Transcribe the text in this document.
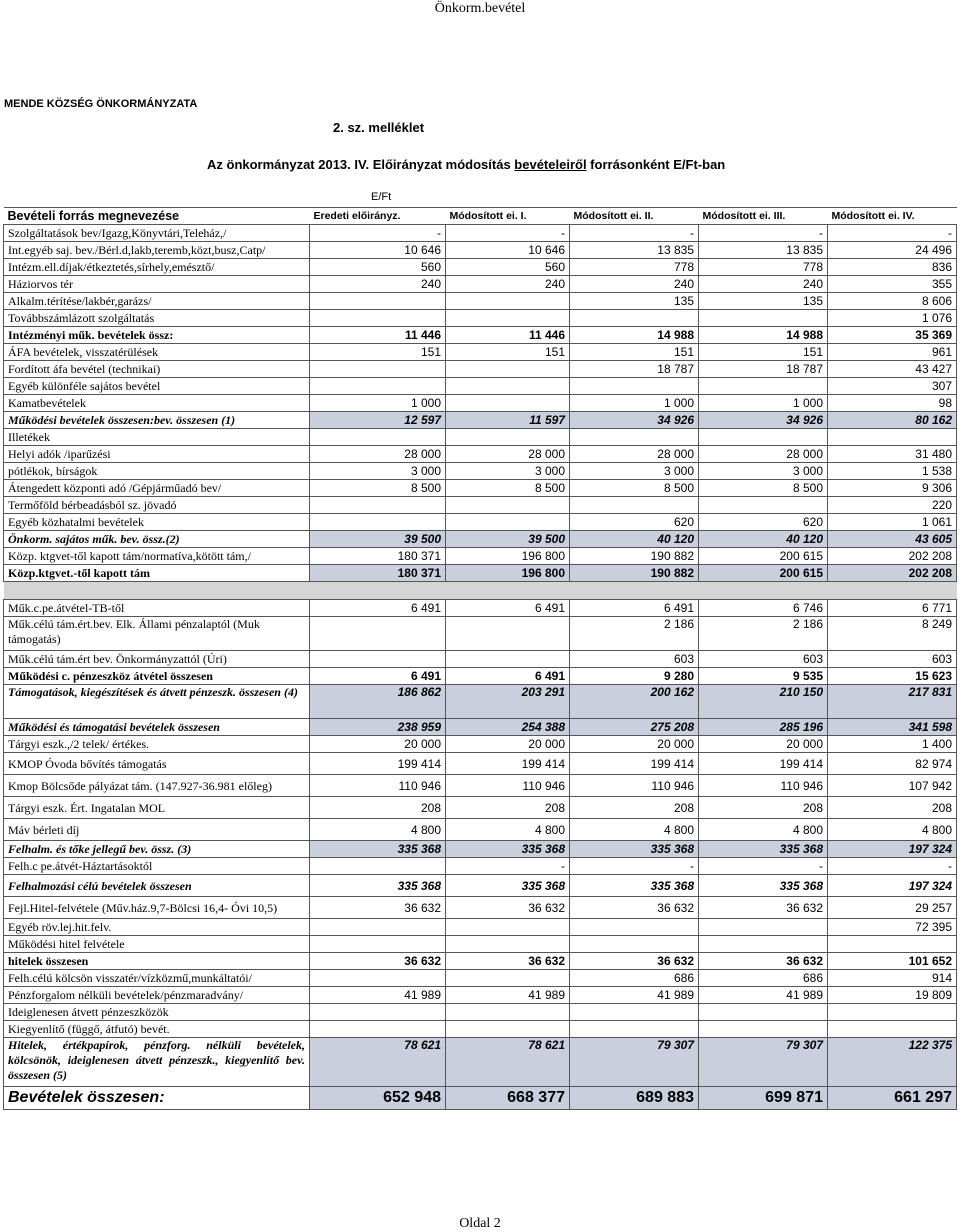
Önkorm.bevétel
MENDE KÖZSÉG ÖNKORMÁNYZATA
2. sz. melléklet
Az önkormányzat 2013. IV. Előirányzat módosítás bevételeiről forrásonként E/Ft-ban
E/Ft
Bevételi forrás megnevezése	Eredeti előirányz.	Módosított ei. I.	Módosított ei. II.	Módosított ei. III.	Módosított ei. IV.
Szolgáltatások bev/Igazg,Könyvtári,Teleház,/	-	-	-	-	-
Int.egyéb saj. bev./Bérl.d,lakb,teremb,közt,busz,Catp/	10 646	10 646	13 835	13 835	24 496
Intézm.ell.díjak/étkeztetés,sírhely,emésztő/	560	560	778	778	836
Háziorvos tér	240	240	240	240	355
Alkalm.térítése/lakbér,garázs/			135	135	8 606
Továbbszámlázott szolgáltatás					1 076
Intézményi műk. bevételek össz:	11 446	11 446	14 988	14 988	35 369
ÁFA bevételek, visszatérülések	151	151	151	151	961
Fordított áfa bevétel (technikai)			18 787	18 787	43 427
Egyéb különféle sajátos bevétel					307
Kamatbevételek	1 000		1 000	1 000	98
Működési bevételek összesen:bev. összesen (1)	12 597	11 597	34 926	34 926	80 162
Illetékek					
Helyi adók /iparűzési	28 000	28 000	28 000	28 000	31 480
pótlékok, bírságok	3 000	3 000	3 000	3 000	1 538
Átengedett központi adó /Gépjárműadó bev/	8 500	8 500	8 500	8 500	9 306
Termőföld bérbeadásból sz. jövadó					220
Egyéb közhatalmi bevételek			620	620	1 061
Önkorm. sajátos műk. bev. össz.(2)	39 500	39 500	40 120	40 120	43 605
Közp. ktgvet-től kapott tám/normatíva,kötött tám,/	180 371	196 800	190 882	200 615	202 208
Közp.ktgvet.-től kapott tám	180 371	196 800	190 882	200 615	202 208

Műk.c.pe.átvétel-TB-től	6 491	6 491	6 491	6 746	6 771
Műk.célú tám.ért.bev. Elk. Állami pénzalaptól (Muk támogatás)			2 186	2 186	8 249
Műk.célú tám.ért bev. Önkormányzattól (Úri)			603	603	603
Működési c. pénzeszköz átvétel összesen	6 491	6 491	9 280	9 535	15 623
Támogatások, kiegészítések és átvett pénzeszk. összesen (4)	186 862	203 291	200 162	210 150	217 831
Működési és támogatási bevételek összesen	238 959	254 388	275 208	285 196	341 598
Tárgyi eszk.,/2 telek/ értékes.	20 000	20 000	20 000	20 000	1 400
KMOP Óvoda bővítés támogatás	199 414	199 414	199 414	199 414	82 974
Kmop Bölcsőde pályázat tám. (147.927-36.981 előleg)	110 946	110 946	110 946	110 946	107 942
Tárgyi eszk. Ért. Ingatalan MOL	208	208	208	208	208
Máv bérleti díj	4 800	4 800	4 800	4 800	4 800
Felhalm. és tőke jellegű bev. össz. (3)	335 368	335 368	335 368	335 368	197 324
Felh.c pe.átvét-Háztartásoktól		-	-	-	-
Felhalmozási célú bevételek összesen	335 368	335 368	335 368	335 368	197 324
Fejl.Hitel-felvétele (Műv.ház.9,7-Bölcsi 16,4- Óvi 10,5)	36 632	36 632	36 632	36 632	29 257
Egyéb röv.lej.hit.felv.					72 395
Működési hitel felvétele					
hitelek összesen	36 632	36 632	36 632	36 632	101 652
Felh.célú kölcsön visszatér/vízközmű,munkáltatói/			686	686	914
Pénzforgalom nélküli bevételek/pénzmaradvány/	41 989	41 989	41 989	41 989	19 809
Ideiglenesen átvett pénzeszközök					
Kiegyenlítő (függő, átfutó) bevét.					
Hitelek, értékpapírok, pénzforg. nélküli bevételek, kölcsönök, ideiglenesen átvett pénzeszk., kiegyenlítő bev. összesen (5)	78 621	78 621	79 307	79 307	122 375
Bevételek összesen:	652 948	668 377	689 883	699 871	661 297
Oldal 2
